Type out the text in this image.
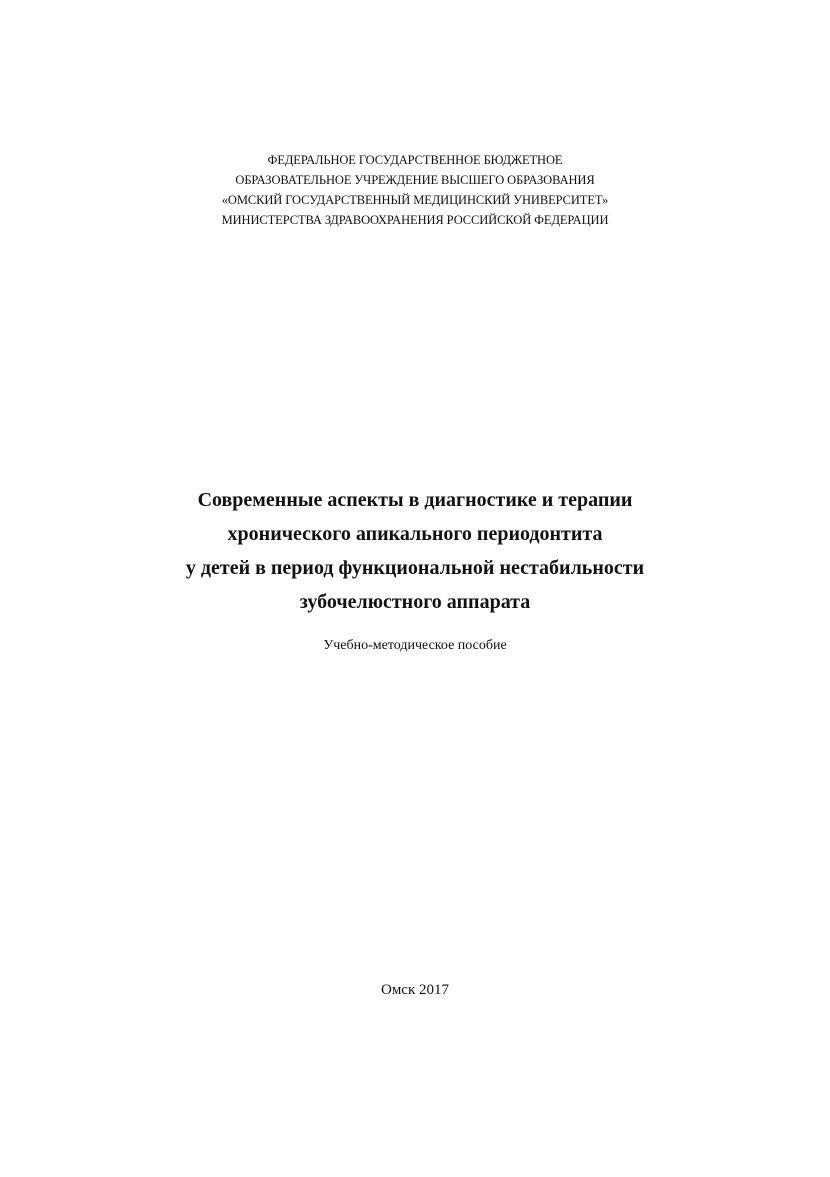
ФЕДЕРАЛЬНОЕ ГОСУДАРСТВЕННОЕ БЮДЖЕТНОЕ
ОБРАЗОВАТЕЛЬНОЕ УЧРЕЖДЕНИЕ ВЫСШЕГО ОБРАЗОВАНИЯ
«ОМСКИЙ ГОСУДАРСТВЕННЫЙ МЕДИЦИНСКИЙ УНИВЕРСИТЕТ»
МИНИСТЕРСТВА ЗДРАВООХРАНЕНИЯ РОССИЙСКОЙ ФЕДЕРАЦИИ
Современные аспекты в диагностике и терапии
хронического апикального периодонтита
у детей в период функциональной нестабильности
зубочелюстного аппарата
Учебно-методическое пособие
Омск 2017
